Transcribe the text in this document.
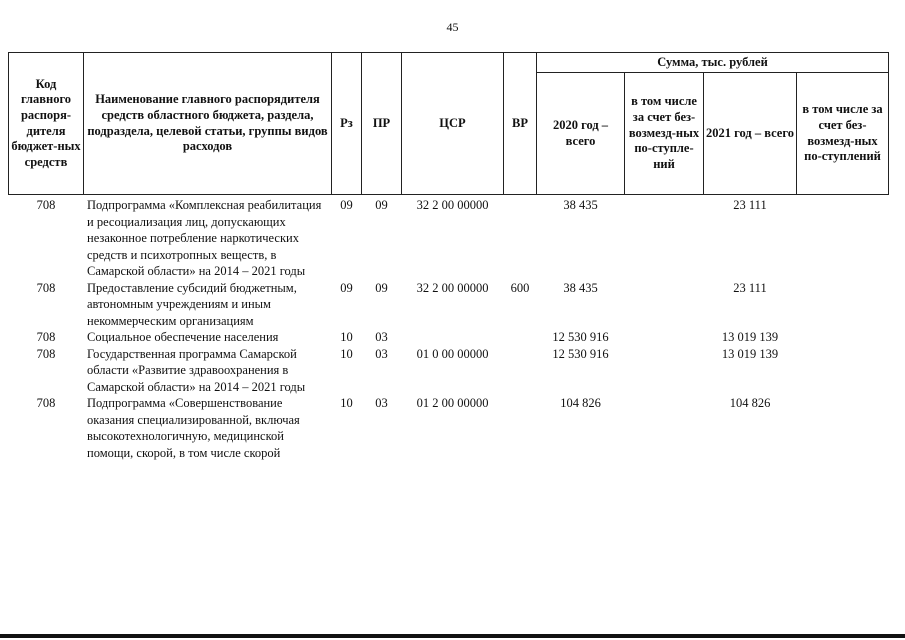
45
Код главного распоря-дителя бюджет-ных средств	Наименование главного распорядителя средств областного бюджета, раздела, подраздела, целевой статьи, группы видов расходов	Рз	ПР	ЦСР	ВР	Сумма, тыс. рублей			
						2020 год – всего	в том числе за счет без-возмезд-ных по-ступле-ний	2021 год – всего	в том числе за счет без-возмезд-ных по-ступлений
708	Подпрограмма «Комплексная реабилитация и ресоциализация лиц, допускающих незаконное потребление наркотических средств и психотропных веществ, в Самарской области» на 2014 – 2021 годы	09	09	32 2 00 00000		38 435		23 111	
708	Предоставление субсидий бюджетным, автономным учреждениям и иным некоммерческим организациям	09	09	32 2 00 00000	600	38 435		23 111	
708	Социальное обеспечение населения	10	03			12 530 916		13 019 139	
708	Государственная программа Самарской области «Развитие здравоохранения в Самарской области» на 2014 – 2021 годы	10	03	01 0 00 00000		12 530 916		13 019 139	
708	Подпрограмма «Совершенствование оказания специализированной, включая высокотехнологичную, медицинской помощи, скорой, в том числе скорой	10	03	01 2 00 00000		104 826		104 826	
